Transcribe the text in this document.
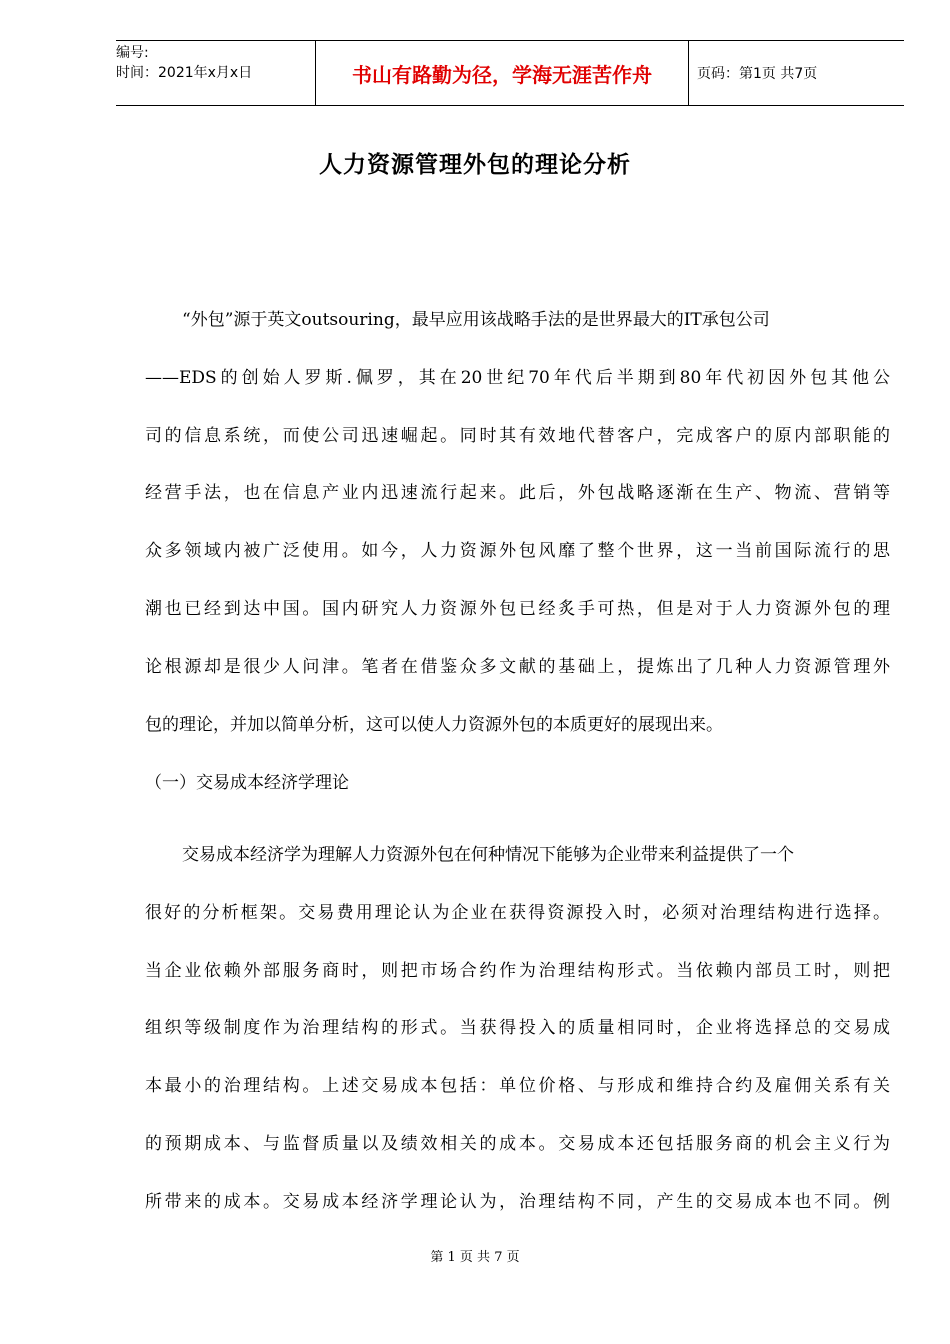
编号:
时间：2021年x月x日	书山有路勤为径，学海无涯苦作舟	页码：第1页 共7页
人力资源管理外包的理论分析
“外包”源于英文outsouring，最早应用该战略手法的是世界最大的IT承包公司
——EDS的创始人罗斯.佩罗，其在20世纪70年代后半期到80年代初因外包其他公
司的信息系统，而使公司迅速崛起。同时其有效地代替客户，完成客户的原内部职能的
经营手法，也在信息产业内迅速流行起来。此后，外包战略逐渐在生产、物流、营销等
众多领域内被广泛使用。如今，人力资源外包风靡了整个世界，这一当前国际流行的思
潮也已经到达中国。国内研究人力资源外包已经炙手可热，但是对于人力资源外包的理
论根源却是很少人问津。笔者在借鉴众多文献的基础上，提炼出了几种人力资源管理外
包的理论，并加以简单分析，这可以使人力资源外包的本质更好的展现出来。
（一）交易成本经济学理论
交易成本经济学为理解人力资源外包在何种情况下能够为企业带来利益提供了一个
很好的分析框架。交易费用理论认为企业在获得资源投入时，必须对治理结构进行选择。
当企业依赖外部服务商时，则把市场合约作为治理结构形式。当依赖内部员工时，则把
组织等级制度作为治理结构的形式。当获得投入的质量相同时，企业将选择总的交易成
本最小的治理结构。上述交易成本包括：单位价格、与形成和维持合约及雇佣关系有关
的预期成本、与监督质量以及绩效相关的成本。交易成本还包括服务商的机会主义行为
所带来的成本。交易成本经济学理论认为，治理结构不同，产生的交易成本也不同。例
第 1 页 共 7 页
